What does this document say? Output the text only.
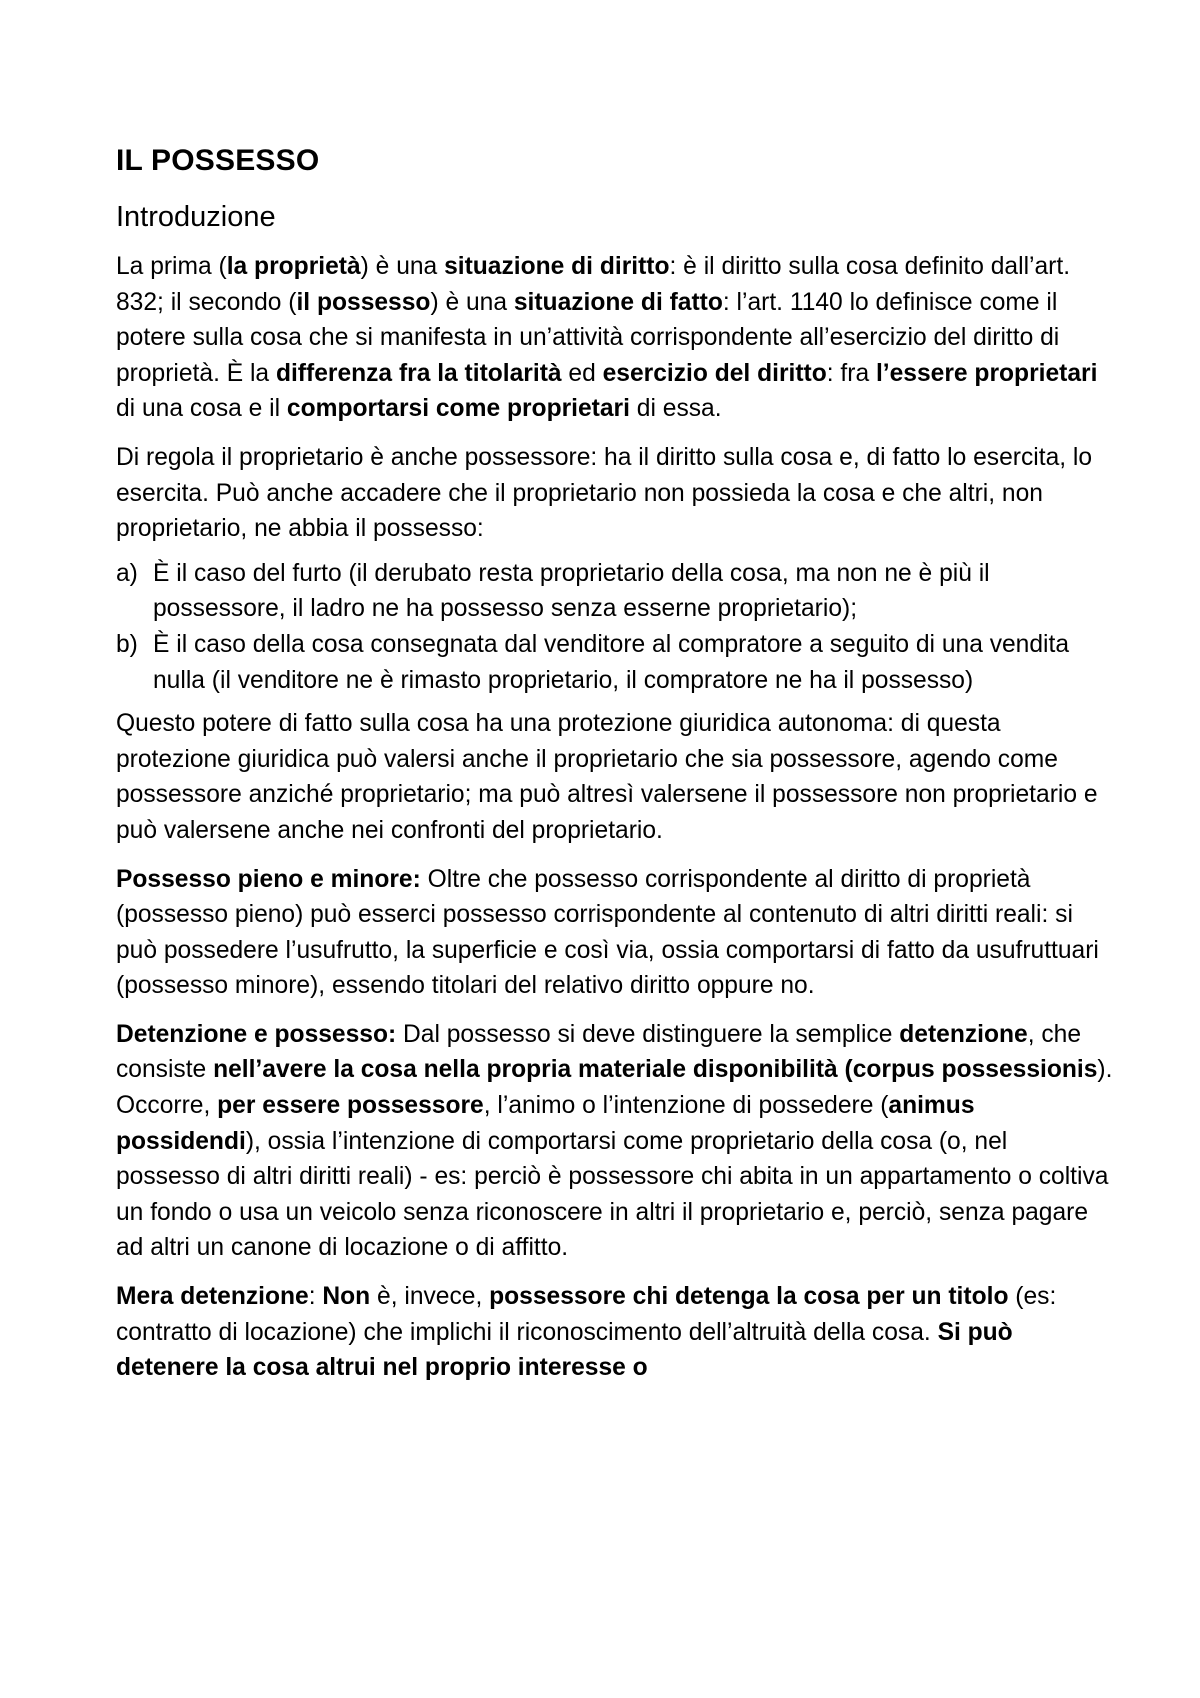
IL POSSESSO
Introduzione

La prima (la proprietà) è una situazione di diritto: è il diritto sulla cosa definito dall’art. 832; il secondo (il possesso) è una situazione di fatto: l’art. 1140 lo definisce come il potere sulla cosa che si manifesta in un’attività corrispondente all’esercizio del diritto di proprietà. È la differenza fra la titolarità ed esercizio del diritto: fra l’essere proprietari di una cosa e il comportarsi come proprietari di essa.

Di regola il proprietario è anche possessore: ha il diritto sulla cosa e, di fatto lo esercita, lo esercita. Può anche accadere che il proprietario non possieda la cosa e che altri, non proprietario, ne abbia il possesso:

a) È il caso del furto (il derubato resta proprietario della cosa, ma non ne è più il possessore, il ladro ne ha possesso senza esserne proprietario);
b) È il caso della cosa consegnata dal venditore al compratore a seguito di una vendita nulla (il venditore ne è rimasto proprietario, il compratore ne ha il possesso)

Questo potere di fatto sulla cosa ha una protezione giuridica autonoma: di questa protezione giuridica può valersi anche il proprietario che sia possessore, agendo come possessore anziché proprietario; ma può altresì valersene il possessore non proprietario e può valersene anche nei confronti del proprietario.

Possesso pieno e minore: Oltre che possesso corrispondente al diritto di proprietà (possesso pieno) può esserci possesso corrispondente al contenuto di altri diritti reali: si può possedere l’usufrutto, la superficie e così via, ossia comportarsi di fatto da usufruttuari (possesso minore), essendo titolari del relativo diritto oppure no.

Detenzione e possesso: Dal possesso si deve distinguere la semplice detenzione, che consiste nell’avere la cosa nella propria materiale disponibilità (corpus possessionis). Occorre, per essere possessore, l’animo o l’intenzione di possedere (animus possidendi), ossia l’intenzione di comportarsi come proprietario della cosa (o, nel possesso di altri diritti reali) - es: perciò è possessore chi abita in un appartamento o coltiva un fondo o usa un veicolo senza riconoscere in altri il proprietario e, perciò, senza pagare ad altri un canone di locazione o di affitto.

Mera detenzione: Non è, invece, possessore chi detenga la cosa per un titolo (es: contratto di locazione) che implichi il riconoscimento dell’altruità della cosa. Si può detenere la cosa altrui nel proprio interesse o
